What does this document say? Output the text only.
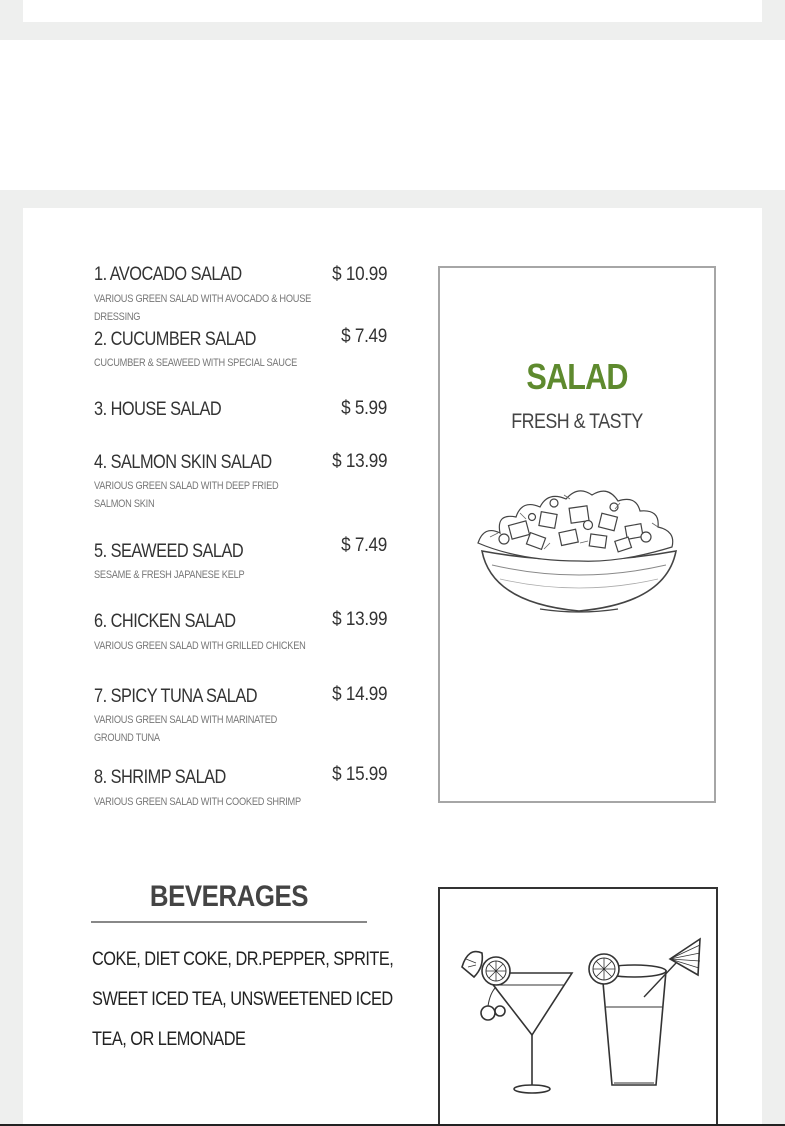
1. AVOCADO SALAD	$ 10.99
VARIOUS GREEN SALAD WITH AVOCADO & HOUSE DRESSING
2. CUCUMBER SALAD	$ 7.49
CUCUMBER & SEAWEED WITH SPECIAL SAUCE
3. HOUSE SALAD	$ 5.99
4. SALMON SKIN SALAD	$ 13.99
VARIOUS GREEN SALAD WITH DEEP FRIED SALMON SKIN
5. SEAWEED SALAD	$ 7.49
SESAME & FRESH JAPANESE KELP
6. CHICKEN SALAD	$ 13.99
VARIOUS GREEN SALAD WITH GRILLED CHICKEN
7. SPICY TUNA SALAD	$ 14.99
VARIOUS GREEN SALAD WITH MARINATED GROUND TUNA
8. SHRIMP SALAD	$ 15.99
VARIOUS GREEN SALAD WITH COOKED SHRIMP
SALAD
FRESH & TASTY
BEVERAGES
COKE, DIET COKE, DR.PEPPER, SPRITE, SWEET ICED TEA, UNSWEETENED ICED TEA, OR LEMONADE
